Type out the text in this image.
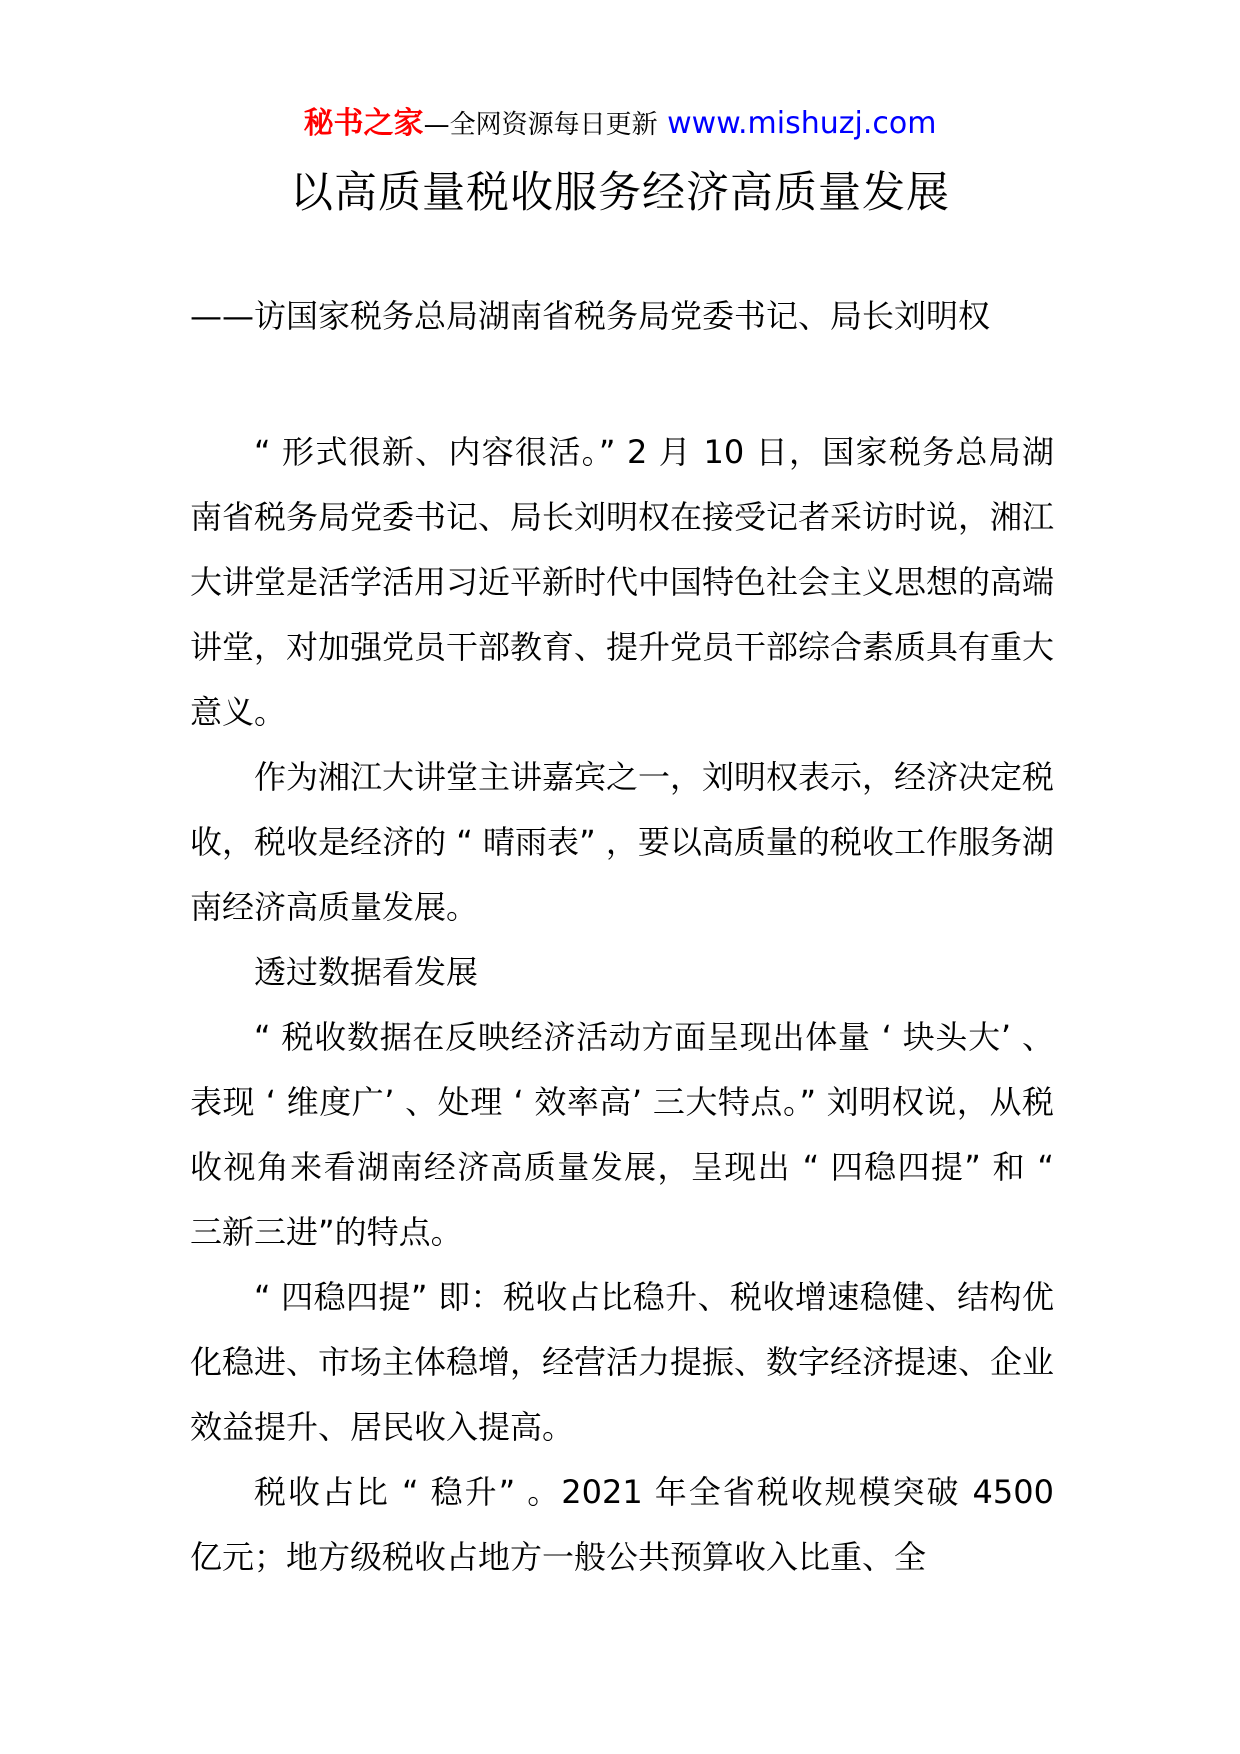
秘书之家—全网资源每日更新 www.mishuzj.com
以高质量税收服务经济高质量发展
——访国家税务总局湖南省税务局党委书记、局长刘明权

“ 形式很新、内容很活。” 2 月 10 日，国家税务总局湖南省税务局党委书记、局长刘明权在接受记者采访时说，湘江大讲堂是活学活用习近平新时代中国特色社会主义思想的高端讲堂，对加强党员干部教育、提升党员干部综合素质具有重大意义。

作为湘江大讲堂主讲嘉宾之一，刘明权表示，经济决定税收，税收是经济的 “ 晴雨表” ，要以高质量的税收工作服务湖南经济高质量发展。

透过数据看发展

“ 税收数据在反映经济活动方面呈现出体量 ‘ 块头大’ 、表现 ‘ 维度广’ 、处理 ‘ 效率高’ 三大特点。” 刘明权说，从税收视角来看湖南经济高质量发展，呈现出 “ 四稳四提” 和 “ 三新三进”的特点。

“ 四稳四提” 即：税收占比稳升、税收增速稳健、结构优化稳进、市场主体稳增，经营活力提振、数字经济提速、企业效益提升、居民收入提高。

税收占比 “ 稳升” 。2021 年全省税收规模突破 4500 亿元；地方级税收占地方一般公共预算收入比重、全
